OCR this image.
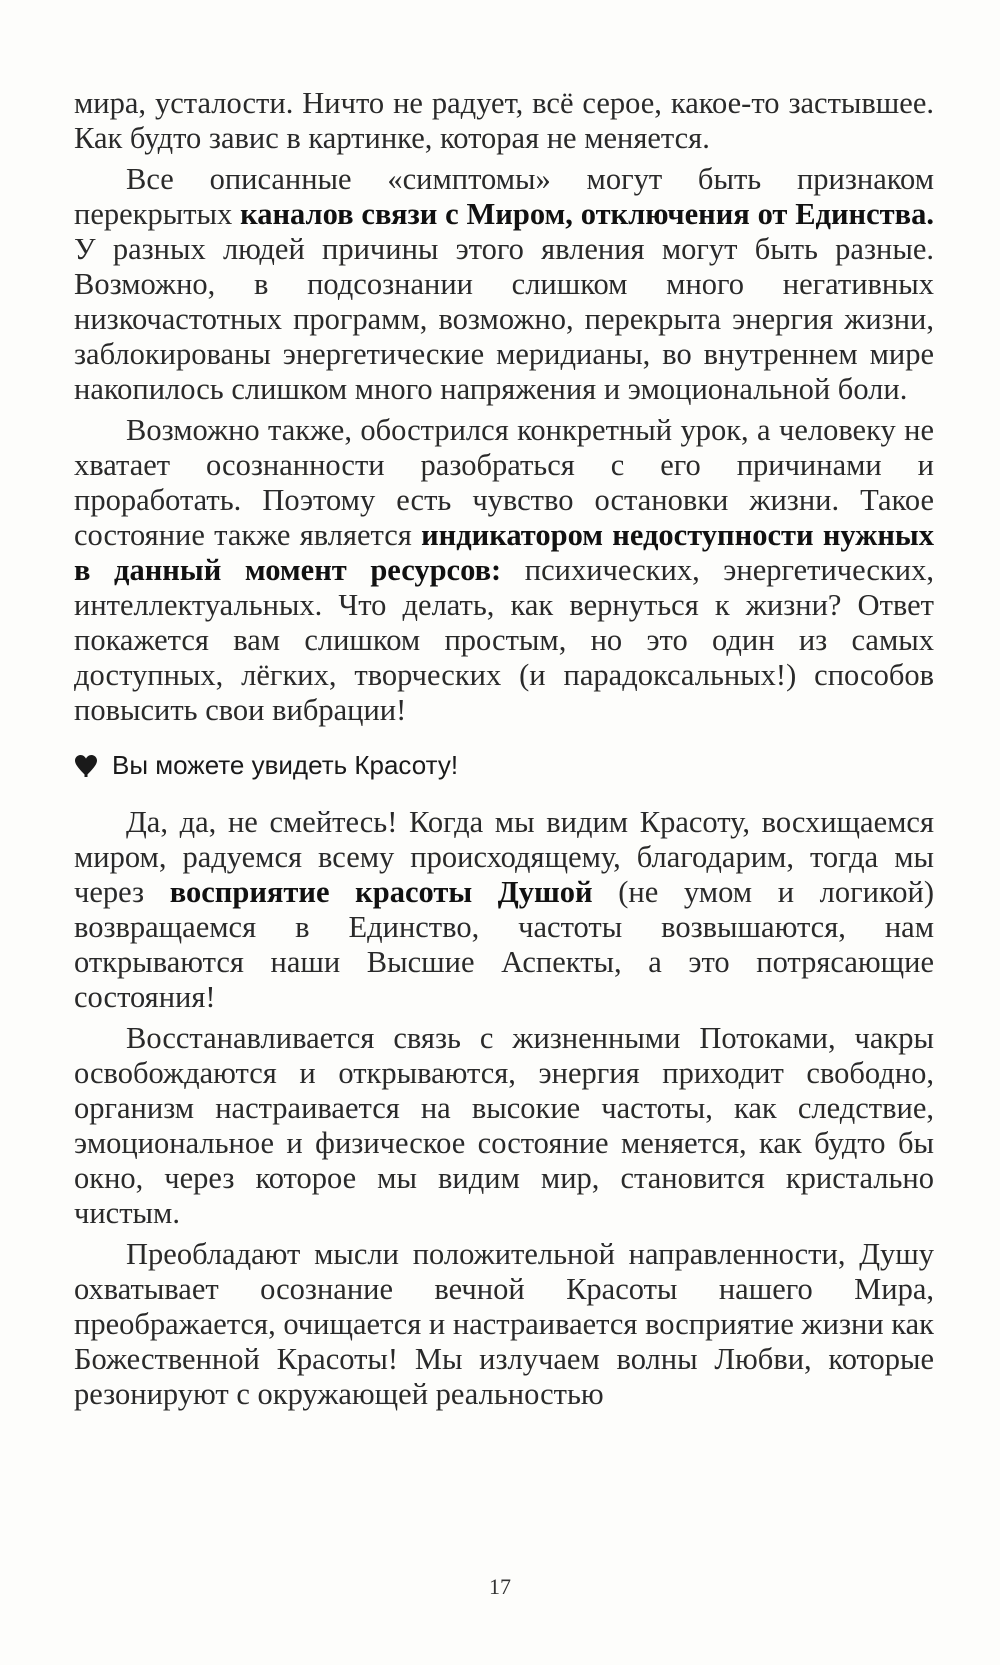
мира, усталости. Ничто не радует, всё серое, какое-то застывшее. Как будто завис в картинке, которая не меняется.

Все описанные «симптомы» могут быть признаком перекрытых каналов связи с Миром, отключения от Единства. У разных людей причины этого явления могут быть разные. Возможно, в подсознании слишком много негативных низкочастотных программ, возможно, перекрыта энергия жизни, заблокированы энергетические меридианы, во внутреннем мире накопилось слишком много напряжения и эмоциональной боли.

Возможно также, обострился конкретный урок, а человеку не хватает осознанности разобраться с его причинами и проработать. Поэтому есть чувство остановки жизни. Такое состояние также является индикатором недоступности нужных в данный момент ресурсов: психических, энергетических, интеллектуальных. Что делать, как вернуться к жизни? Ответ покажется вам слишком простым, но это один из самых доступных, лёгких, творческих (и парадоксальных!) способов повысить свои вибрации!

Вы можете увидеть Красоту!

Да, да, не смейтесь! Когда мы видим Красоту, восхищаемся миром, радуемся всему происходящему, благодарим, тогда мы через восприятие красоты Душой (не умом и логикой) возвращаемся в Единство, частоты возвышаются, нам открываются наши Высшие Аспекты, а это потрясающие состояния!

Восстанавливается связь с жизненными Потоками, чакры освобождаются и открываются, энергия приходит свободно, организм настраивается на высокие частоты, как следствие, эмоциональное и физическое состояние меняется, как будто бы окно, через которое мы видим мир, становится кристально чистым.

Преобладают мысли положительной направленности, Душу охватывает осознание вечной Красоты нашего Мира, преображается, очищается и настраивается восприятие жизни как Божественной Красоты! Мы излучаем волны Любви, которые резонируют с окружающей реальностью

17
